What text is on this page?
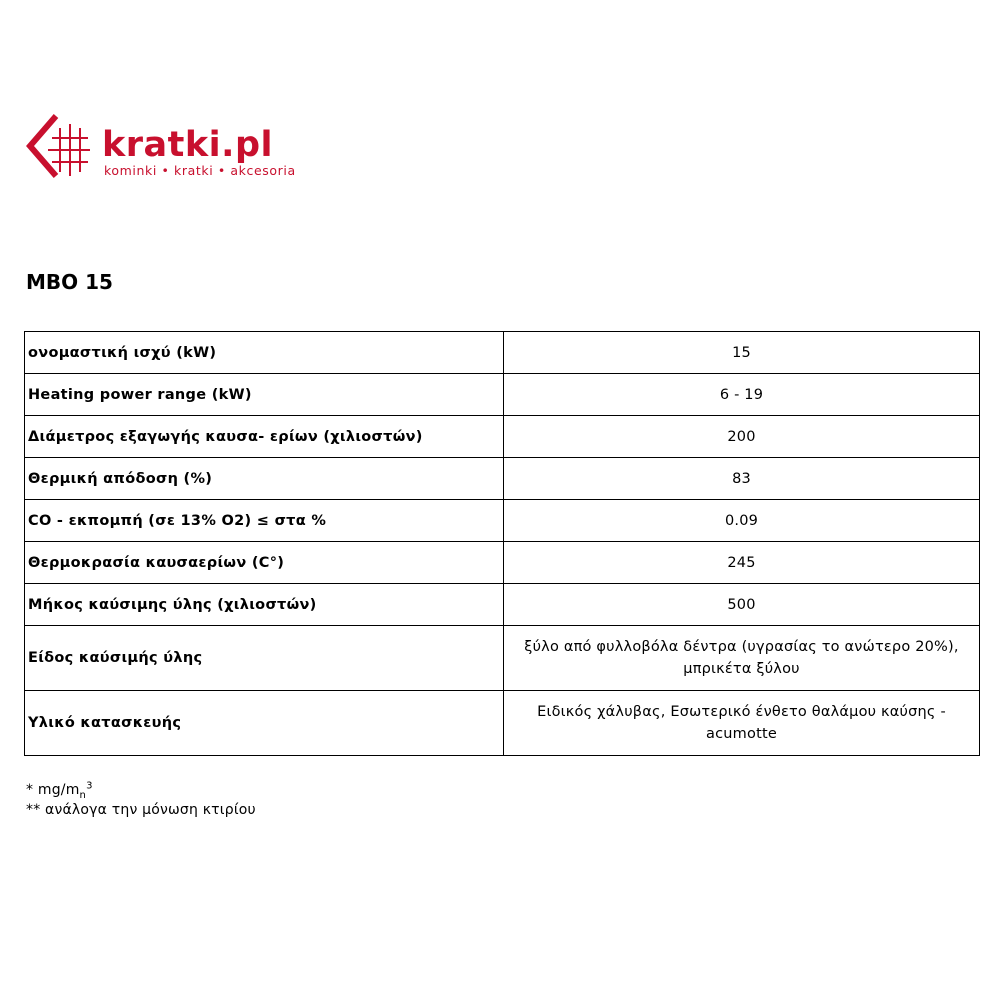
kratki.pl
kominki • kratki • akcesoria
MBO 15
ονομαστική ισχύ (kW)	15
Heating power range (kW)	6 - 19
Διάμετρος εξαγωγής καυσα- ερίων (χιλιοστών)	200
Θερμική απόδοση (%)	83
CO - εκπομπή (σε 13% O2) ≤ στα %	0.09
Θερμοκρασία καυσαερίων (C°)	245
Μήκος καύσιμης ύλης (χιλιοστών)	500
Είδος καύσιμής ύλης	ξύλο από φυλλοβόλα δέντρα (υγρασίας το ανώτερο 20%),
μπρικέτα ξύλου

Υλικό κατασκευής	Ειδικός χάλυβας, Εσωτερικό ένθετο θαλάμου καύσης -
acumotte
* $mg/m_n^3$
** ανάλογα την μόνωση κτιρίου
